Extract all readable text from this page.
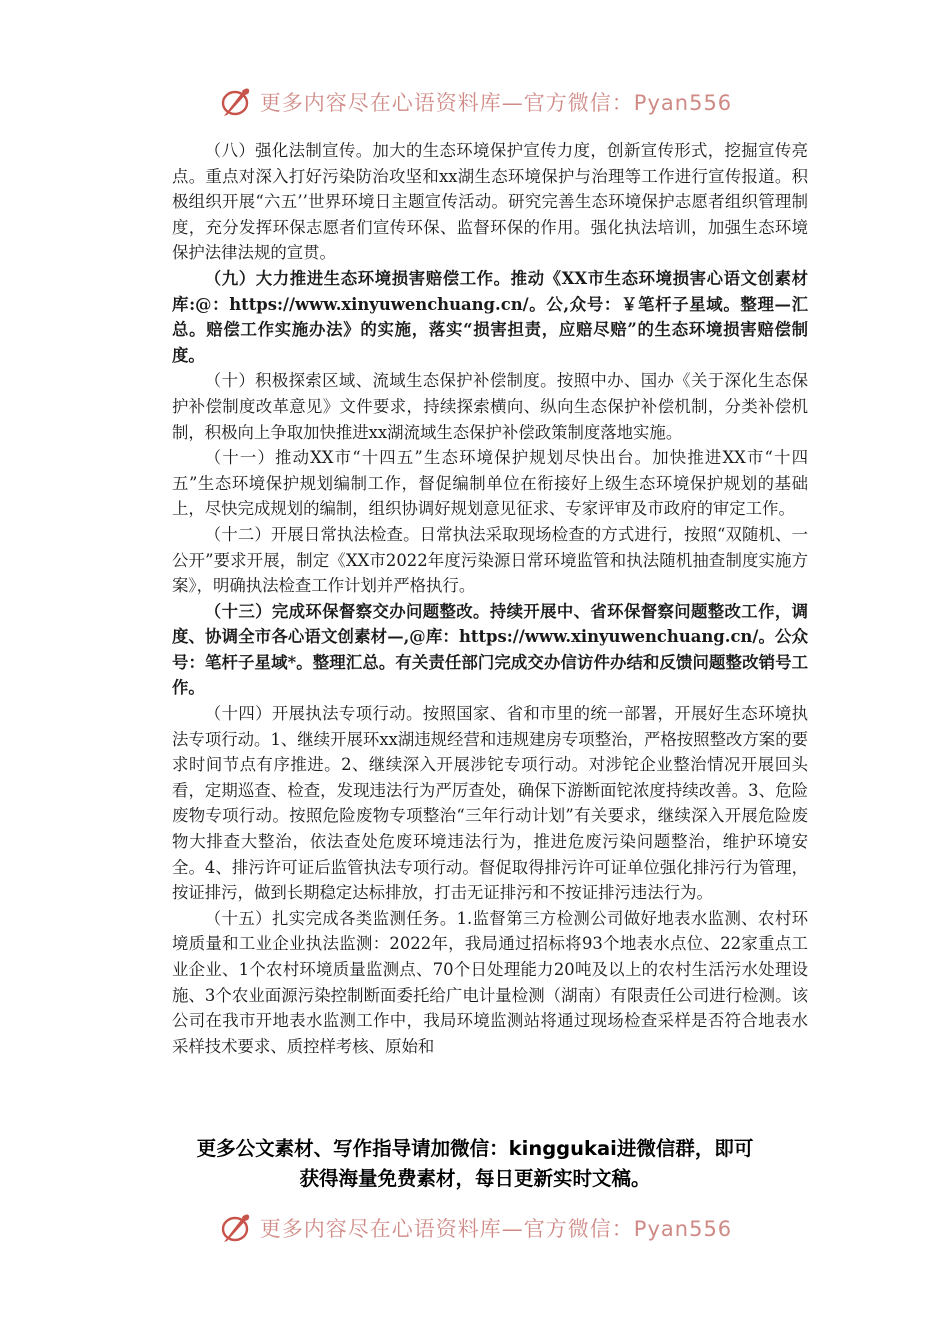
更多内容尽在心语资料库—官方微信：Pyan556

（八）强化法制宣传。加大的生态环境保护宣传力度，创新宣传形式，挖掘宣传亮点。重点对深入打好污染防治攻坚和xx湖生态环境保护与治理等工作进行宣传报道。积极组织开展“六五’’世界环境日主题宣传活动。研究完善生态环境保护志愿者组织管理制度，充分发挥环保志愿者们宣传环保、监督环保的作用。强化执法培训，加强生态环境保护法律法规的宣贯。

（九）大力推进生态环境损害赔偿工作。推动《XX市生态环境损害心语文创素材库:@：https://www.xinyuwenchuang.cn/。公,众号：￥笔杆子星域。整理—汇总。赔偿工作实施办法》的实施，落实“损害担责，应赔尽赔”的生态环境损害赔偿制度。

（十）积极探索区域、流域生态保护补偿制度。按照中办、国办《关于深化生态保护补偿制度改革意见》文件要求，持续探索横向、纵向生态保护补偿机制，分类补偿机制，积极向上争取加快推进xx湖流域生态保护补偿政策制度落地实施。

（十一）推动XX市“十四五”生态环境保护规划尽快出台。加快推进XX市“十四五”生态环境保护规划编制工作，督促编制单位在衔接好上级生态环境保护规划的基础上，尽快完成规划的编制，组织协调好规划意见征求、专家评审及市政府的审定工作。

（十二）开展日常执法检查。日常执法采取现场检查的方式进行，按照“双随机、一公开”要求开展，制定《XX市2022年度污染源日常环境监管和执法随机抽查制度实施方案》，明确执法检查工作计划并严格执行。

（十三）完成环保督察交办问题整改。持续开展中、省环保督察问题整改工作，调度、协调全市各心语文创素材—,@库：https://www.xinyuwenchuang.cn/。公众号：笔杆子星域*。整理汇总。有关责任部门完成交办信访件办结和反馈问题整改销号工作。

（十四）开展执法专项行动。按照国家、省和市里的统一部署，开展好生态环境执法专项行动。1、继续开展环xx湖违规经营和违规建房专项整治，严格按照整改方案的要求时间节点有序推进。2、继续深入开展涉铊专项行动。对涉铊企业整治情况开展回头看，定期巡查、检查，发现违法行为严厉查处，确保下游断面铊浓度持续改善。3、危险废物专项行动。按照危险废物专项整治“三年行动计划”有关要求，继续深入开展危险废物大排查大整治，依法查处危废环境违法行为，推进危废污染问题整治，维护环境安全。4、排污许可证后监管执法专项行动。督促取得排污许可证单位强化排污行为管理，按证排污，做到长期稳定达标排放，打击无证排污和不按证排污违法行为。

（十五）扎实完成各类监测任务。1.监督第三方检测公司做好地表水监测、农村环境质量和工业企业执法监测：2022年，我局通过招标将93个地表水点位、22家重点工业企业、1个农村环境质量监测点、70个日处理能力20吨及以上的农村生活污水处理设施、3个农业面源污染控制断面委托给广电计量检测（湖南）有限责任公司进行检测。该公司在我市开地表水监测工作中，我局环境监测站将通过现场检查采样是否符合地表水采样技术要求、质控样考核、原始和

更多公文素材、写作指导请加微信：kinggukai进微信群，即可
获得海量免费素材，每日更新实时文稿。
更多内容尽在心语资料库—官方微信：Pyan556
